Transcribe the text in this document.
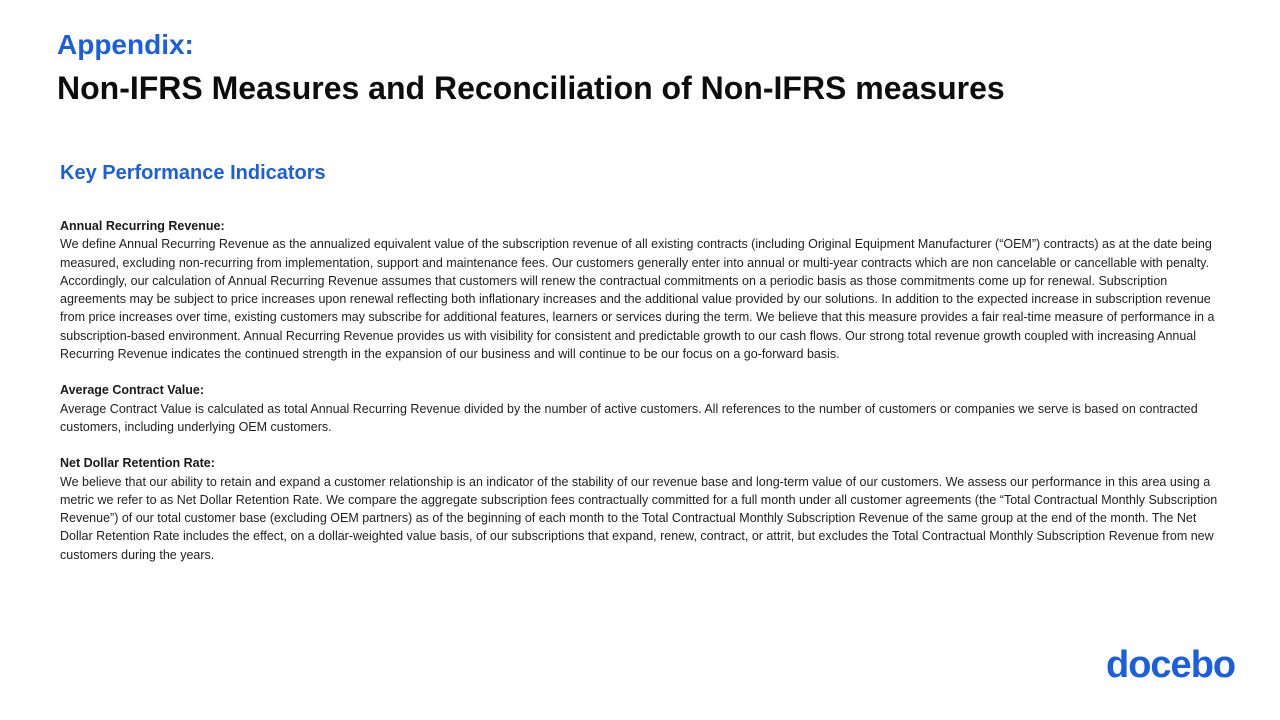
Appendix:
Non-IFRS Measures and Reconciliation of Non-IFRS measures
Key Performance Indicators

Annual Recurring Revenue:

We define Annual Recurring Revenue as the annualized equivalent value of the subscription revenue of all existing contracts (including Original Equipment Manufacturer (“OEM”) contracts) as at the date being measured, excluding non-recurring from implementation, support and maintenance fees. Our customers generally enter into annual or multi-year contracts which are non cancelable or cancellable with penalty. Accordingly, our calculation of Annual Recurring Revenue assumes that customers will renew the contractual commitments on a periodic basis as those commitments come up for renewal. Subscription agreements may be subject to price increases upon renewal reflecting both inflationary increases and the additional value provided by our solutions. In addition to the expected increase in subscription revenue from price increases over time, existing customers may subscribe for additional features, learners or services during the term. We believe that this measure provides a fair real-time measure of performance in a subscription-based environment. Annual Recurring Revenue provides us with visibility for consistent and predictable growth to our cash flows. Our strong total revenue growth coupled with increasing Annual Recurring Revenue indicates the continued strength in the expansion of our business and will continue to be our focus on a go-forward basis.

Average Contract Value:

Average Contract Value is calculated as total Annual Recurring Revenue divided by the number of active customers. All references to the number of customers or companies we serve is based on contracted customers, including underlying OEM customers.

Net Dollar Retention Rate:

We believe that our ability to retain and expand a customer relationship is an indicator of the stability of our revenue base and long-term value of our customers. We assess our performance in this area using a metric we refer to as Net Dollar Retention Rate. We compare the aggregate subscription fees contractually committed for a full month under all customer agreements (the “Total Contractual Monthly Subscription Revenue”) of our total customer base (excluding OEM partners) as of the beginning of each month to the Total Contractual Monthly Subscription Revenue of the same group at the end of the month. The Net Dollar Retention Rate includes the effect, on a dollar-weighted value basis, of our subscriptions that expand, renew, contract, or attrit, but excludes the Total Contractual Monthly Subscription Revenue from new customers during the years.

docebo
